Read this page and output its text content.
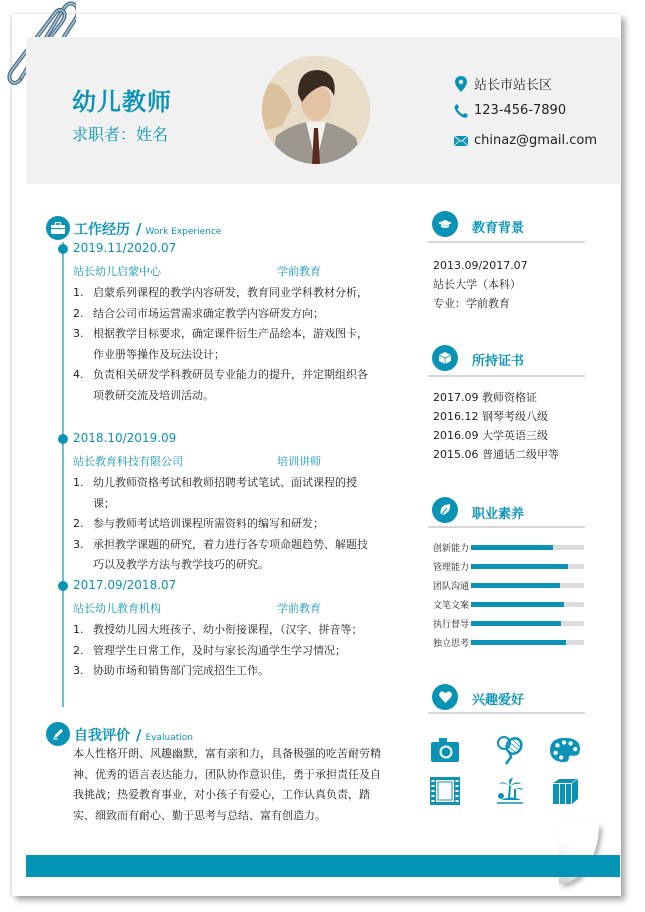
幼儿教师
求职者：姓名
站长市站长区
123-456-7890
chinaz@gmail.com
工作经历 / Work Experience
2019.11/2020.07
站长幼儿启蒙中心	学前教育
1. 启蒙系列课程的教学内容研发，教育同业学科教材分析，
2. 结合公司市场运营需求确定教学内容研发方向；
3. 根据教学目标要求，确定课件衍生产品绘本，游戏图卡，作业册等操作及玩法设计；
4. 负责相关研发学科教研员专业能力的提升，并定期组织各项教研交流及培训活动。
2018.10/2019.09
站长教育科技有限公司	培训讲师
1. 幼儿教师资格考试和教师招聘考试笔试、面试课程的授课；
2. 参与教师考试培训课程所需资料的编写和研发；
3. 承担教学课题的研究，着力进行各专项命题趋势、解题技巧以及教学方法与教学技巧的研究。
2017.09/2018.07
站长幼儿教育机构	学前教育
1. 教授幼儿园大班孩子、幼小衔接课程，（汉字、拼音等；
2. 管理学生日常工作，及时与家长沟通学生学习情况；
3. 协助市场和销售部门完成招生工作。
自我评价 / Evaluation
本人性格开朗、风趣幽默，富有亲和力，具备极强的吃苦耐劳精神、优秀的语言表达能力，团队协作意识佳，勇于承担责任及自我挑战；热爱教育事业，对小孩子有爱心，工作认真负责，踏实、细致而有耐心、勤于思考与总结、富有创造力。
教育背景
2013.09/2017.07
站长大学（本科）
专业：学前教育
所持证书
2017.09 教师资格证
2016.12 钢琴考级八级
2016.09 大学英语三级
2015.06 普通话二级甲等
职业素养
创新能力
管理能力
团队沟通
文笔文案
执行督导
独立思考
兴趣爱好
